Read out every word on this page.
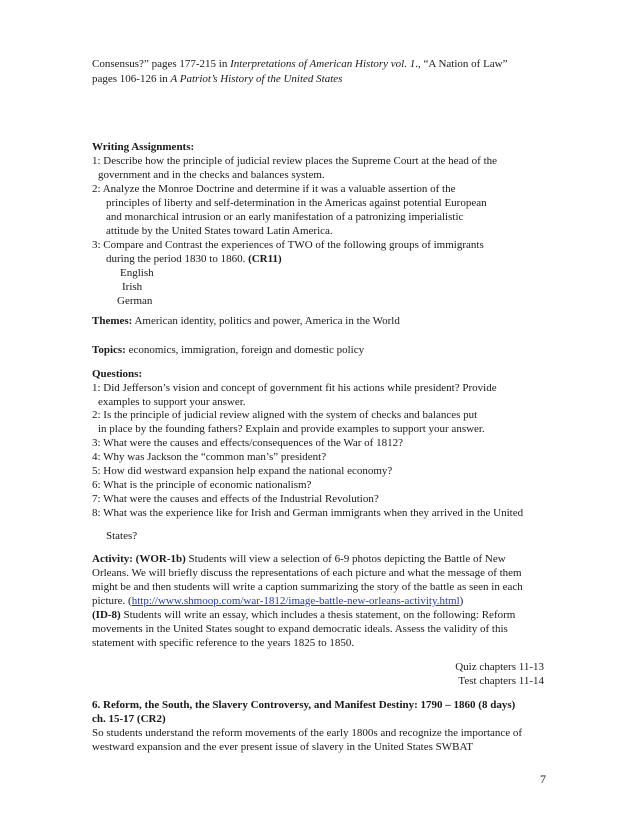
Consensus?” pages 177-215 in Interpretations of American History vol. 1., “A Nation of Law”
pages 106-126 in A Patriot’s History of the United States
Writing Assignments:
1: Describe how the principle of judicial review places the Supreme Court at the head of the
government and in the checks and balances system.
2: Analyze the Monroe Doctrine and determine if it was a valuable assertion of the
principles of liberty and self-determination in the Americas against potential European
and monarchical intrusion or an early manifestation of a patronizing imperialistic
attitude by the United States toward Latin America.
3: Compare and Contrast the experiences of TWO of the following groups of immigrants
during the period 1830 to 1860. (CR11)
English
Irish
German
Themes: American identity, politics and power, America in the World
Topics: economics, immigration, foreign and domestic policy
Questions:
1: Did Jefferson’s vision and concept of government fit his actions while president? Provide
examples to support your answer.
2: Is the principle of judicial review aligned with the system of checks and balances put
in place by the founding fathers? Explain and provide examples to support your answer.
3: What were the causes and effects/consequences of the War of 1812?
4: Why was Jackson the “common man’s” president?
5: How did westward expansion help expand the national economy?
6: What is the principle of economic nationalism?
7: What were the causes and effects of the Industrial Revolution?
8: What was the experience like for Irish and German immigrants when they arrived in the United
States?
Activity: (WOR-1b) Students will view a selection of 6-9 photos depicting the Battle of New
Orleans. We will briefly discuss the representations of each picture and what the message of them
might be and then students will write a caption summarizing the story of the battle as seen in each
picture. (http://www.shmoop.com/war-1812/image-battle-new-orleans-activity.html)
(ID-8) Students will write an essay, which includes a thesis statement, on the following: Reform
movements in the United States sought to expand democratic ideals. Assess the validity of this
statement with specific reference to the years 1825 to 1850.
Quiz chapters 11-13
Test chapters 11-14
6. Reform, the South, the Slavery Controversy, and Manifest Destiny: 1790 – 1860 (8 days)
ch. 15-17 (CR2)
So students understand the reform movements of the early 1800s and recognize the importance of
westward expansion and the ever present issue of slavery in the United States SWBAT
7
